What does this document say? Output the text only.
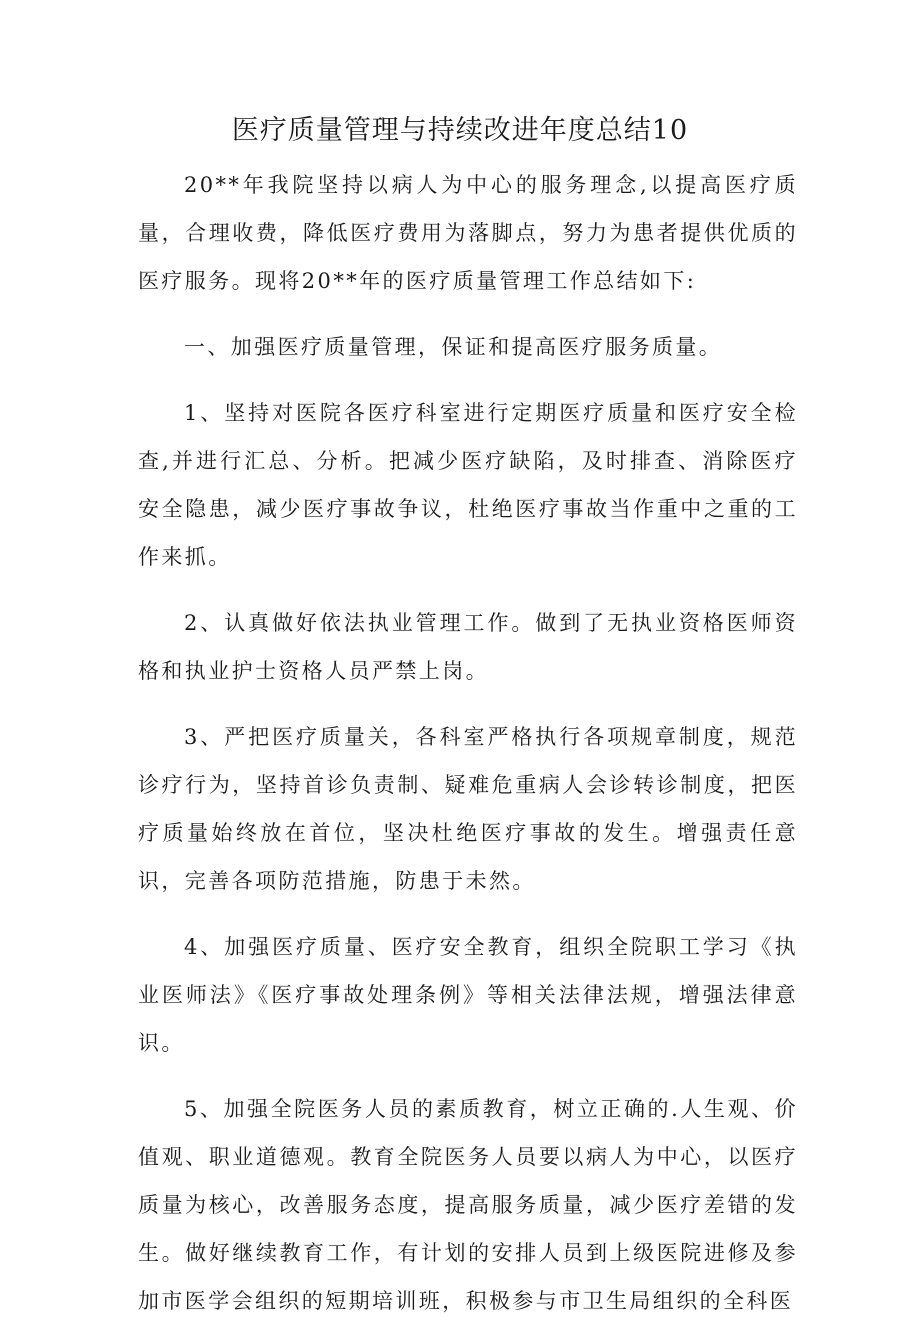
医疗质量管理与持续改进年度总结10

20**年我院坚持以病人为中心的服务理念,以提高医疗质量，合理收费，降低医疗费用为落脚点，努力为患者提供优质的医疗服务。现将20**年的医疗质量管理工作总结如下:

一、加强医疗质量管理，保证和提高医疗服务质量。

1、坚持对医院各医疗科室进行定期医疗质量和医疗安全检查,并进行汇总、分析。把减少医疗缺陷，及时排查、消除医疗安全隐患，减少医疗事故争议，杜绝医疗事故当作重中之重的工作来抓。

2、认真做好依法执业管理工作。做到了无执业资格医师资格和执业护士资格人员严禁上岗。

3、严把医疗质量关，各科室严格执行各项规章制度，规范诊疗行为，坚持首诊负责制、疑难危重病人会诊转诊制度，把医疗质量始终放在首位，坚决杜绝医疗事故的发生。增强责任意识，完善各项防范措施，防患于未然。

4、加强医疗质量、医疗安全教育，组织全院职工学习《执业医师法》《医疗事故处理条例》等相关法律法规，增强法律意识。

5、加强全院医务人员的素质教育，树立正确的.人生观、价值观、职业道德观。教育全院医务人员要以病人为中心，以医疗质量为核心，改善服务态度，提高服务质量，减少医疗差错的发生。做好继续教育工作，有计划的安排人员到上级医院进修及参加市医学会组织的短期培训班，积极参与市卫生局组织的全科医
